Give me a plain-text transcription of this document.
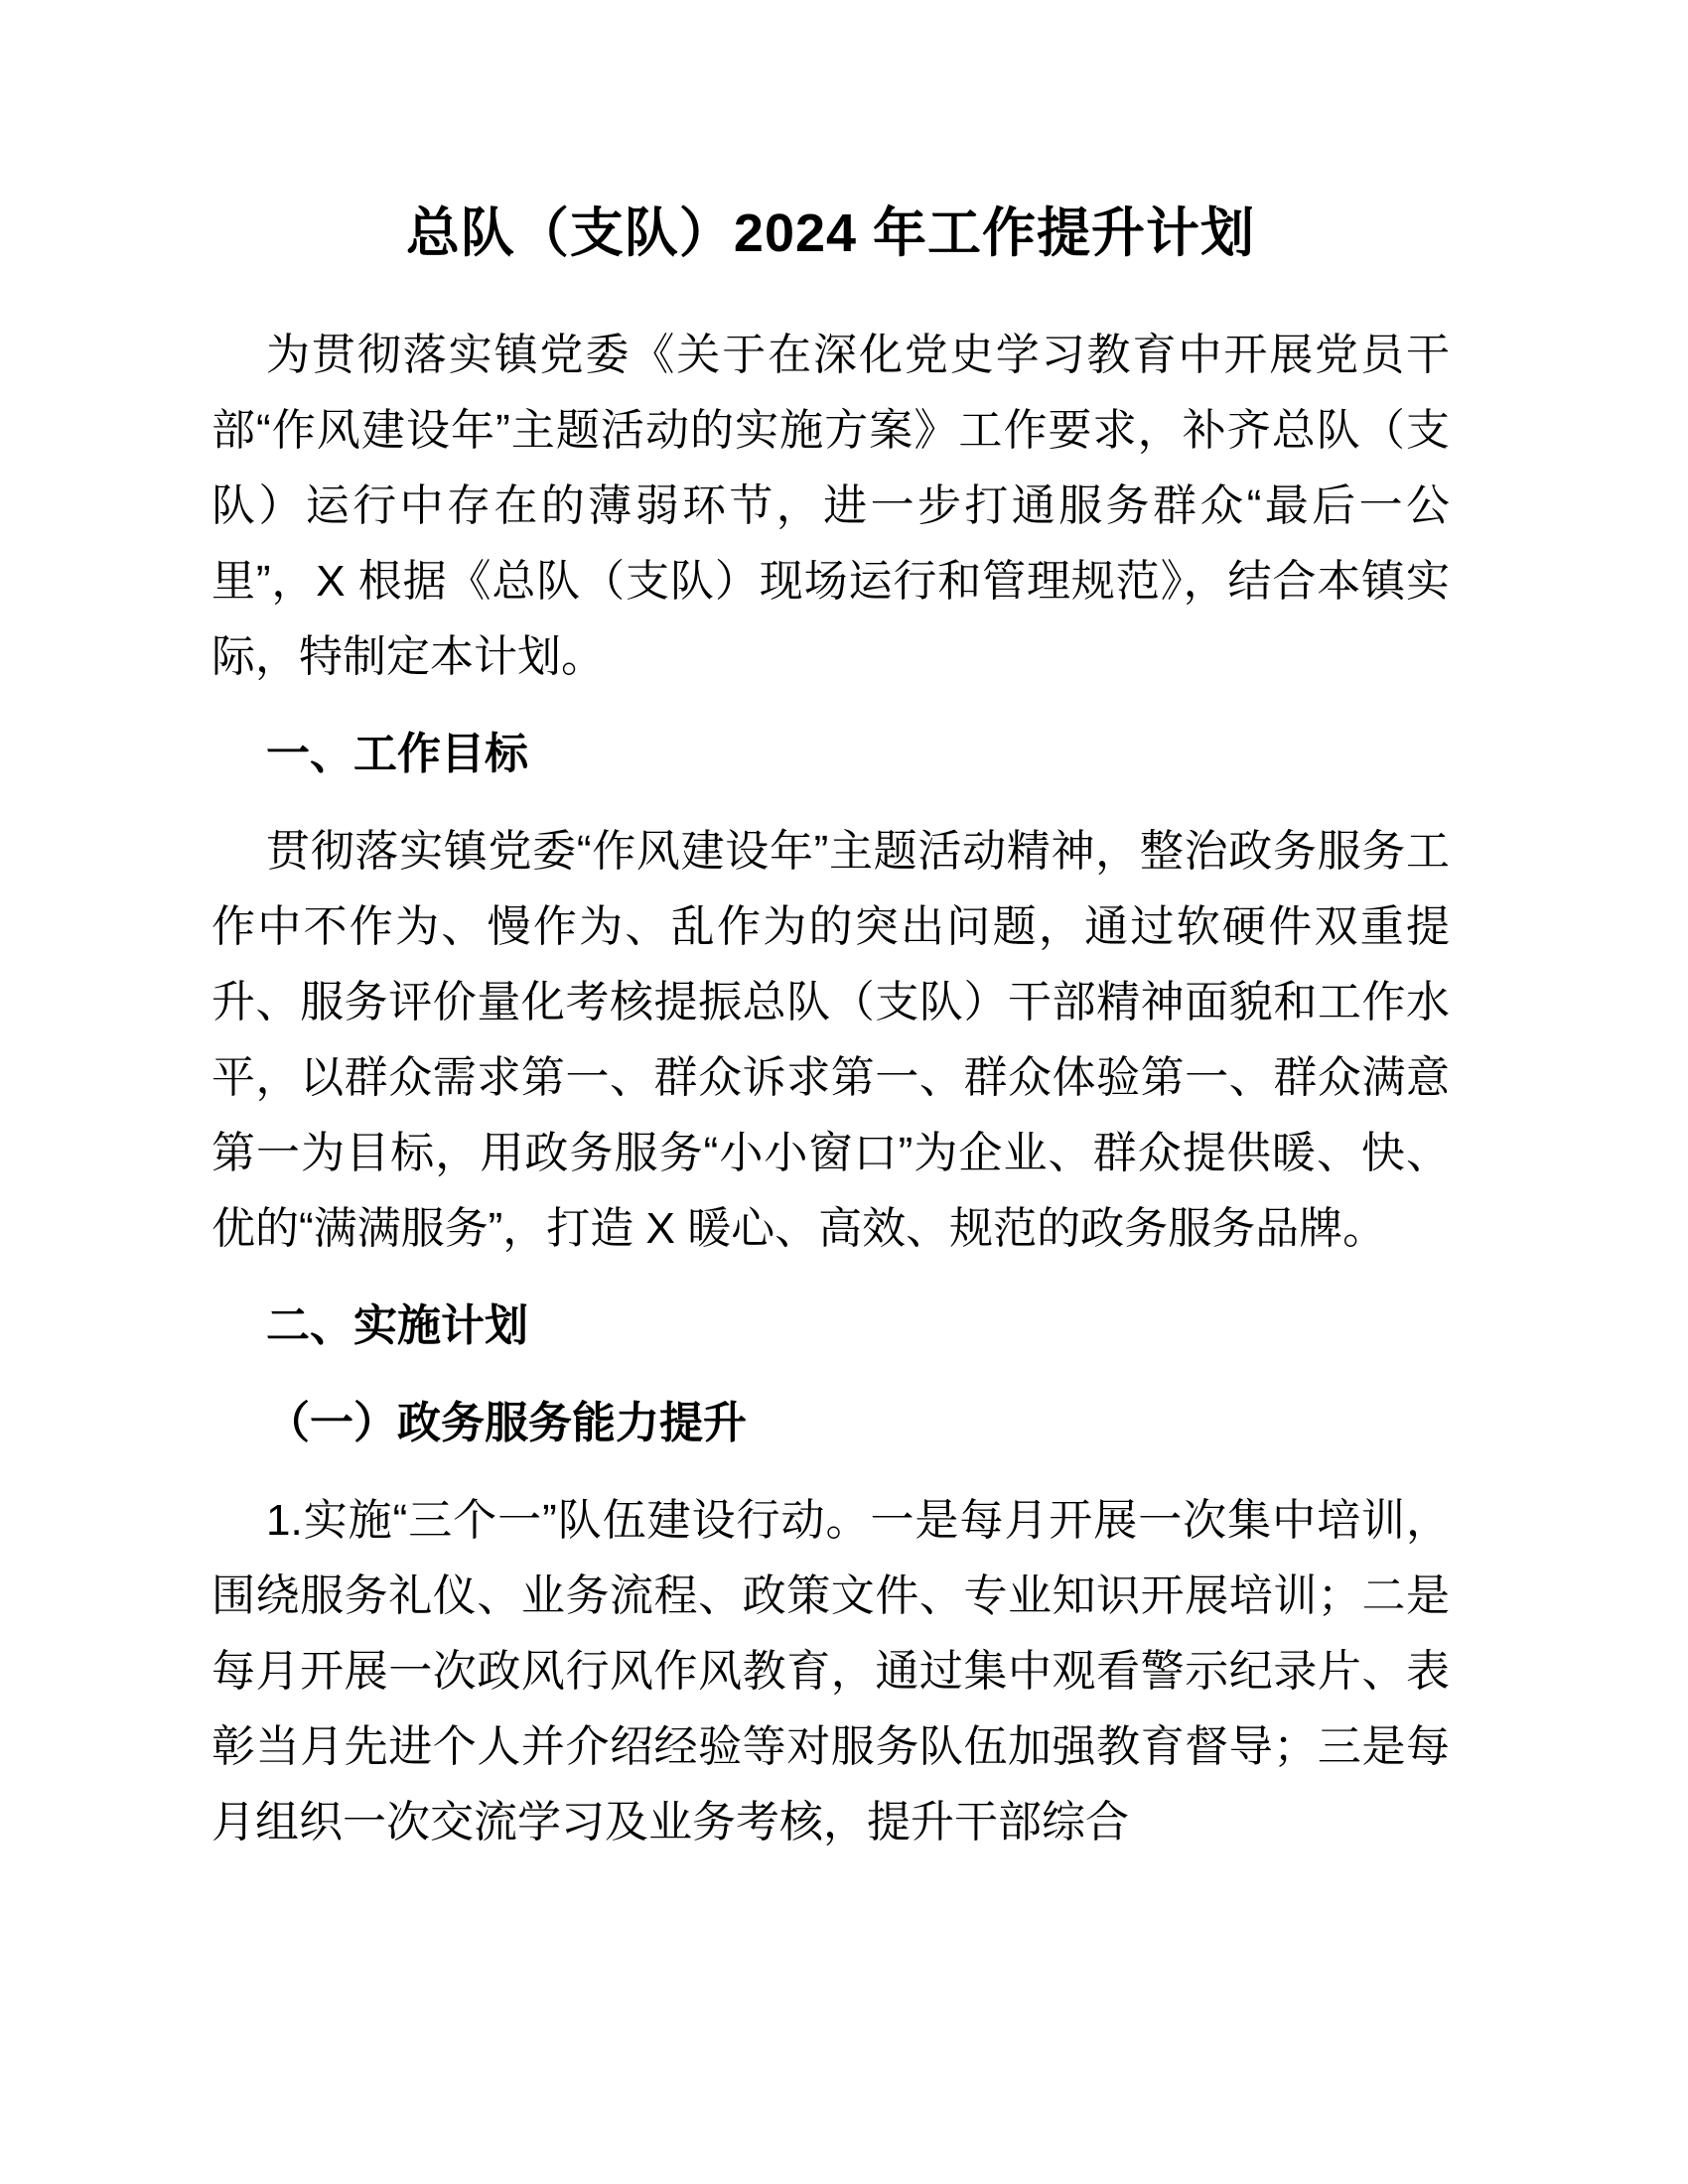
总队（支队）2024 年工作提升计划

为贯彻落实镇党委《关于在深化党史学习教育中开展党员干部“作风建设年”主题活动的实施方案》工作要求，补齐总队（支队）运行中存在的薄弱环节，进一步打通服务群众“最后一公里”，X 根据《总队（支队）现场运行和管理规范》，结合本镇实际，特制定本计划。

一、工作目标

贯彻落实镇党委“作风建设年”主题活动精神，整治政务服务工作中不作为、慢作为、乱作为的突出问题，通过软硬件双重提升、服务评价量化考核提振总队（支队）干部精神面貌和工作水平，以群众需求第一、群众诉求第一、群众体验第一、群众满意第一为目标，用政务服务“小小窗口”为企业、群众提供暖、快、优的“满满服务”，打造 X 暖心、高效、规范的政务服务品牌。

二、实施计划

（一）政务服务能力提升

1.实施“三个一”队伍建设行动。一是每月开展一次集中培训，围绕服务礼仪、业务流程、政策文件、专业知识开展培训；二是每月开展一次政风行风作风教育，通过集中观看警示纪录片、表彰当月先进个人并介绍经验等对服务队伍加强教育督导；三是每月组织一次交流学习及业务考核，提升干部综合
